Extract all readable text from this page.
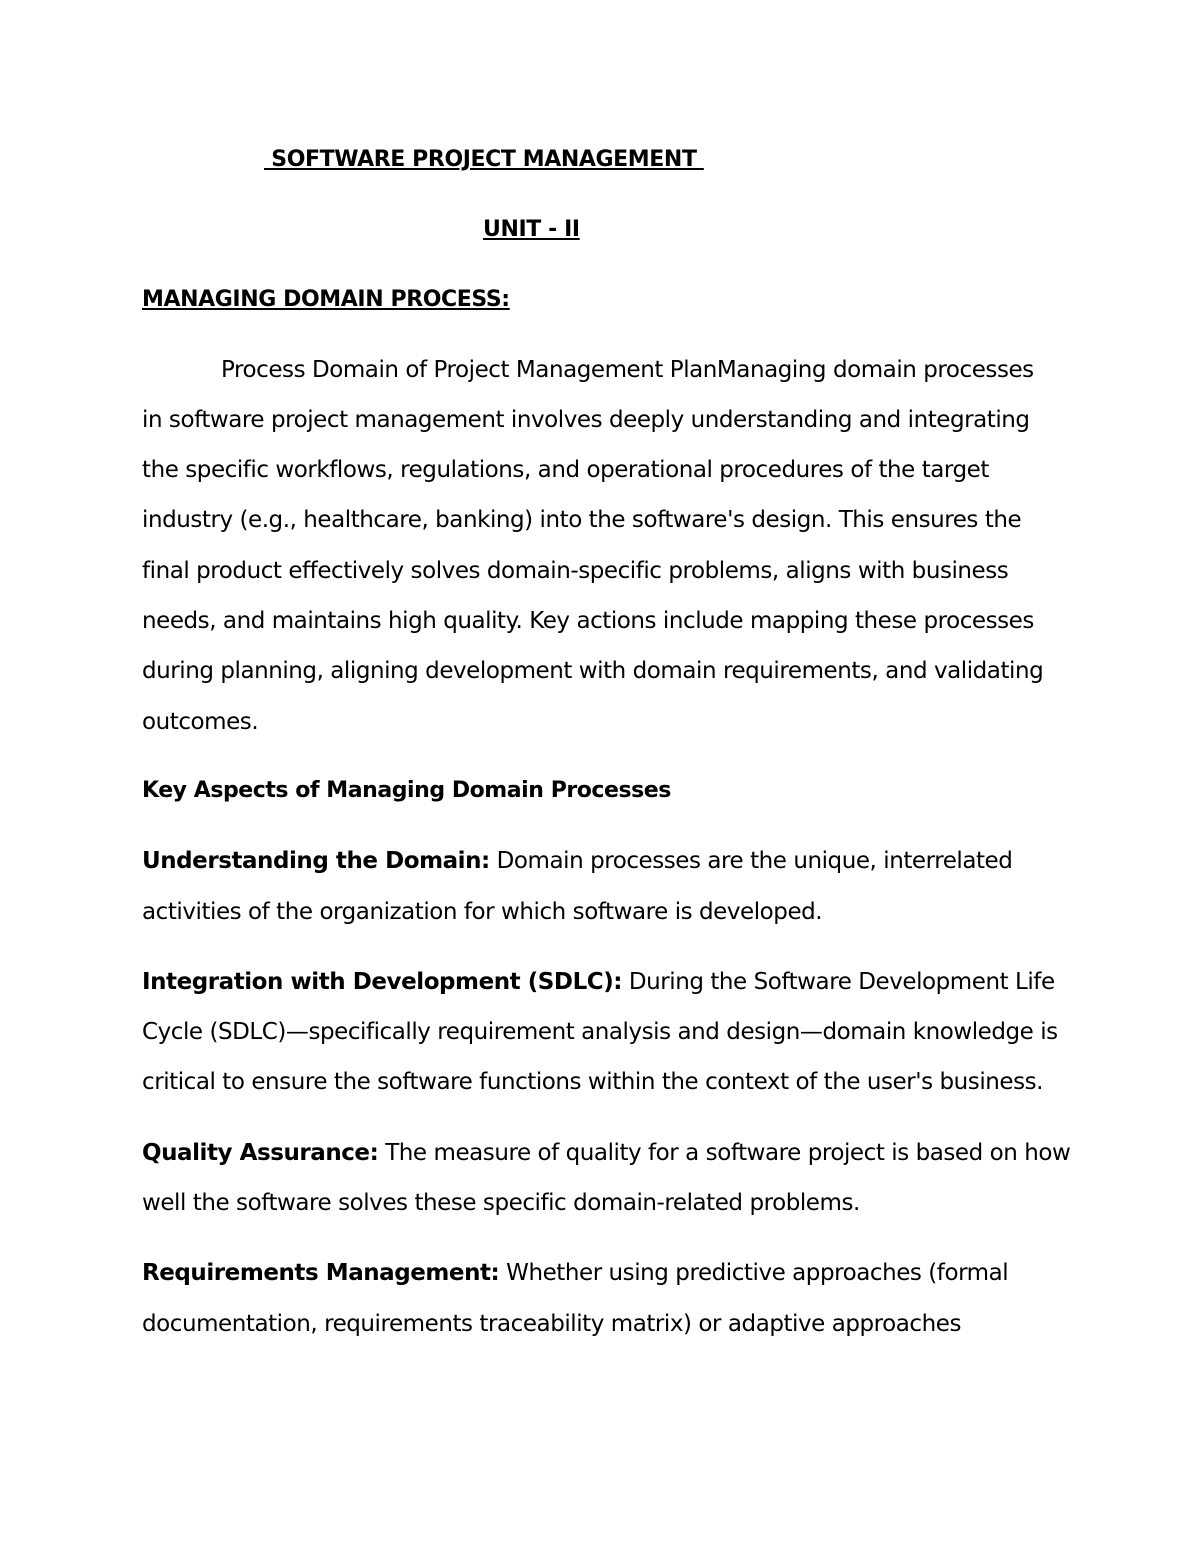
SOFTWARE PROJECT MANAGEMENT
UNIT - II
MANAGING DOMAIN PROCESS:
Process Domain of Project Management PlanManaging domain processes
in software project management involves deeply understanding and integrating
the specific workflows, regulations, and operational procedures of the target
industry (e.g., healthcare, banking) into the software's design. This ensures the
final product effectively solves domain-specific problems, aligns with business
needs, and maintains high quality. Key actions include mapping these processes
during planning, aligning development with domain requirements, and validating
outcomes.
Key Aspects of Managing Domain Processes
Understanding the Domain: Domain processes are the unique, interrelated
activities of the organization for which software is developed.
Integration with Development (SDLC): During the Software Development Life
Cycle (SDLC)—specifically requirement analysis and design—domain knowledge is
critical to ensure the software functions within the context of the user's business.
Quality Assurance: The measure of quality for a software project is based on how
well the software solves these specific domain-related problems.
Requirements Management: Whether using predictive approaches (formal
documentation, requirements traceability matrix) or adaptive approaches
